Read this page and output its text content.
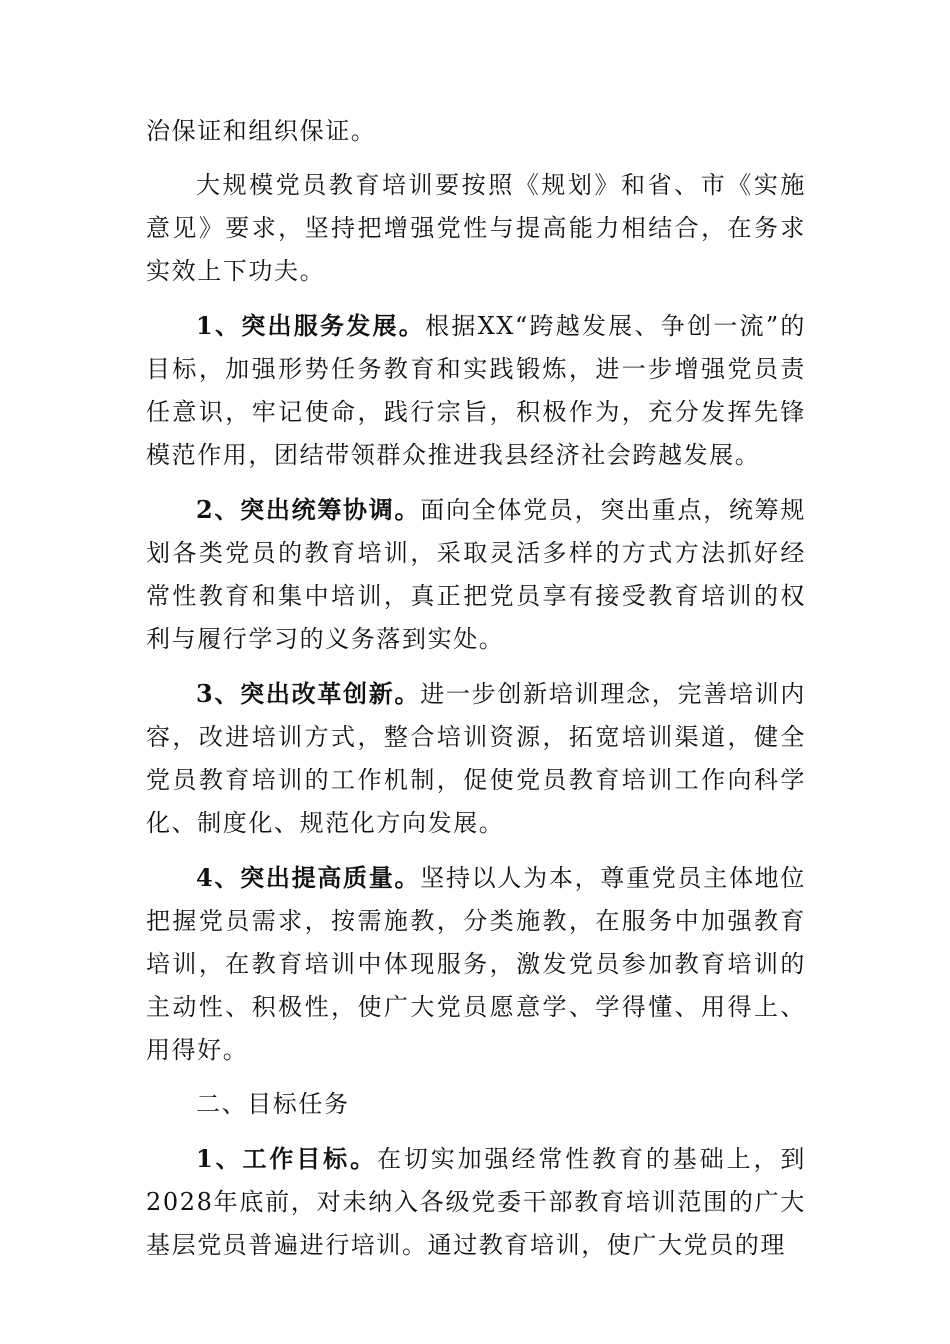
治保证和组织保证。

大规模党员教育培训要按照《规划》和省、市《实施意见》要求，坚持把增强党性与提高能力相结合，在务求实效上下功夫。

1、突出服务发展。根据XX“跨越发展、争创一流”的目标，加强形势任务教育和实践锻炼，进一步增强党员责任意识，牢记使命，践行宗旨，积极作为，充分发挥先锋模范作用，团结带领群众推进我县经济社会跨越发展。

2、突出统筹协调。面向全体党员，突出重点，统筹规划各类党员的教育培训，采取灵活多样的方式方法抓好经常性教育和集中培训，真正把党员享有接受教育培训的权利与履行学习的义务落到实处。

3、突出改革创新。进一步创新培训理念，完善培训内容，改进培训方式，整合培训资源，拓宽培训渠道，健全党员教育培训的工作机制，促使党员教育培训工作向科学化、制度化、规范化方向发展。

4、突出提高质量。坚持以人为本，尊重党员主体地位把握党员需求，按需施教，分类施教，在服务中加强教育培训，在教育培训中体现服务，激发党员参加教育培训的主动性、积极性，使广大党员愿意学、学得懂、用得上、用得好。

二、目标任务

1、工作目标。在切实加强经常性教育的基础上，到2028年底前，对未纳入各级党委干部教育培训范围的广大基层党员普遍进行培训。通过教育培训，使广大党员的理
